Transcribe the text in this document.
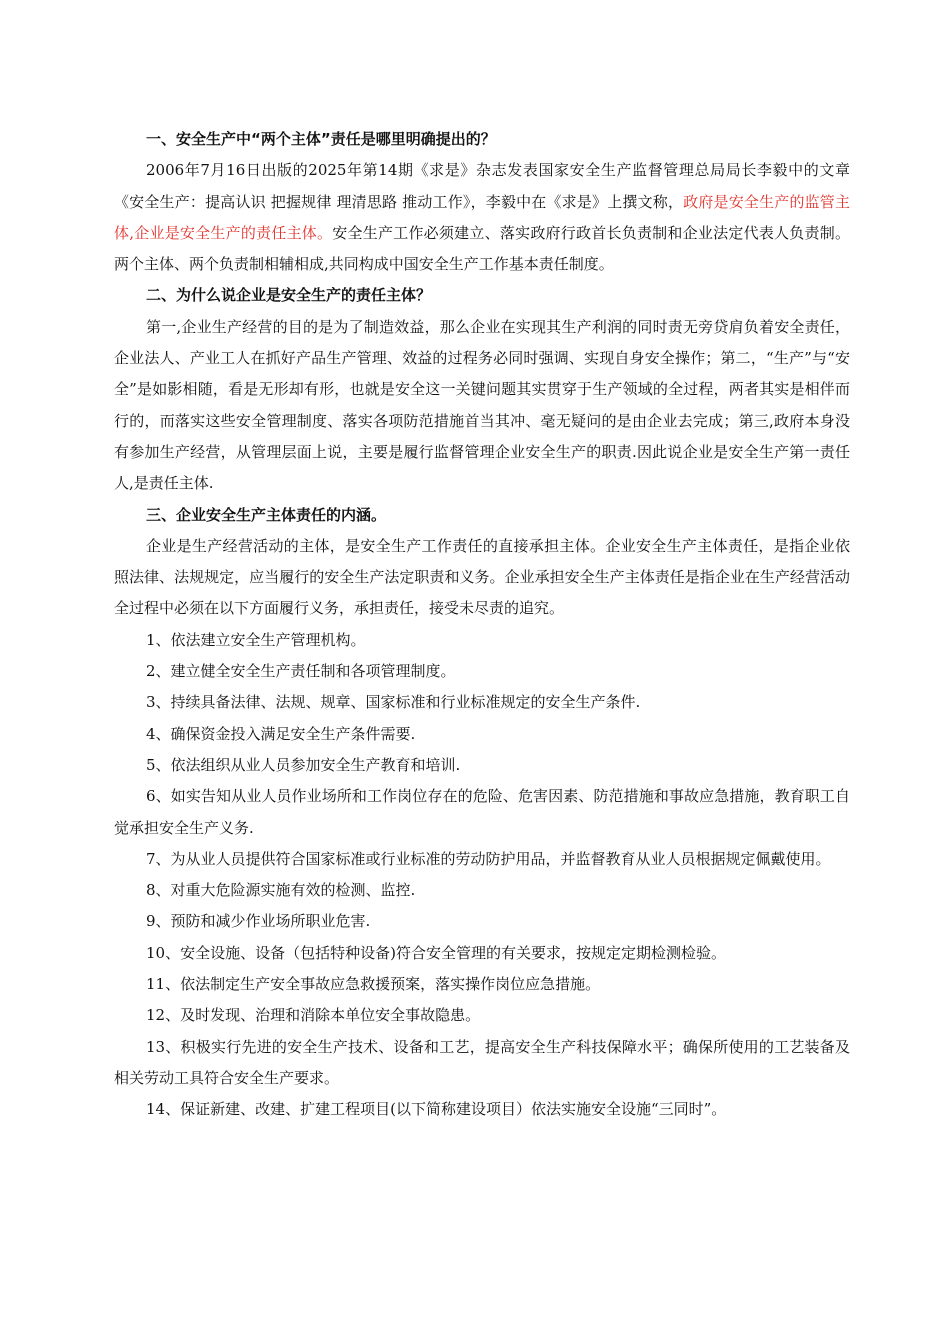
一、安全生产中“两个主体”责任是哪里明确提出的？

2006年7月16日出版的2025年第14期《求是》杂志发表国家安全生产监督管理总局局长李毅中的文章《安全生产：提高认识 把握规律 理清思路 推动工作》，李毅中在《求是》上撰文称，政府是安全生产的监管主体,企业是安全生产的责任主体。安全生产工作必须建立、落实政府行政首长负责制和企业法定代表人负责制。两个主体、两个负责制相辅相成,共同构成中国安全生产工作基本责任制度。

二、为什么说企业是安全生产的责任主体？

第一,企业生产经营的目的是为了制造效益，那么企业在实现其生产利润的同时责无旁贷肩负着安全责任，企业法人、产业工人在抓好产品生产管理、效益的过程务必同时强调、实现自身安全操作；第二，“生产”与“安全”是如影相随，看是无形却有形，也就是安全这一关键问题其实贯穿于生产领域的全过程，两者其实是相伴而行的，而落实这些安全管理制度、落实各项防范措施首当其冲、毫无疑问的是由企业去完成；第三,政府本身没有参加生产经营，从管理层面上说，主要是履行监督管理企业安全生产的职责.因此说企业是安全生产第一责任人,是责任主体.

三、企业安全生产主体责任的内涵。

企业是生产经营活动的主体，是安全生产工作责任的直接承担主体。企业安全生产主体责任，是指企业依照法律、法规规定，应当履行的安全生产法定职责和义务。企业承担安全生产主体责任是指企业在生产经营活动全过程中必须在以下方面履行义务，承担责任，接受未尽责的追究。

1、依法建立安全生产管理机构。

2、建立健全安全生产责任制和各项管理制度。

3、持续具备法律、法规、规章、国家标准和行业标准规定的安全生产条件.

4、确保资金投入满足安全生产条件需要.

5、依法组织从业人员参加安全生产教育和培训.

6、如实告知从业人员作业场所和工作岗位存在的危险、危害因素、防范措施和事故应急措施，教育职工自觉承担安全生产义务.

7、为从业人员提供符合国家标准或行业标准的劳动防护用品，并监督教育从业人员根据规定佩戴使用。

8、对重大危险源实施有效的检测、监控.

9、预防和减少作业场所职业危害.

10、安全设施、设备（包括特种设备)符合安全管理的有关要求，按规定定期检测检验。

11、依法制定生产安全事故应急救援预案，落实操作岗位应急措施。

12、及时发现、治理和消除本单位安全事故隐患。

13、积极实行先进的安全生产技术、设备和工艺，提高安全生产科技保障水平；确保所使用的工艺装备及相关劳动工具符合安全生产要求。

14、保证新建、改建、扩建工程项目(以下简称建设项目）依法实施安全设施“三同时”。
